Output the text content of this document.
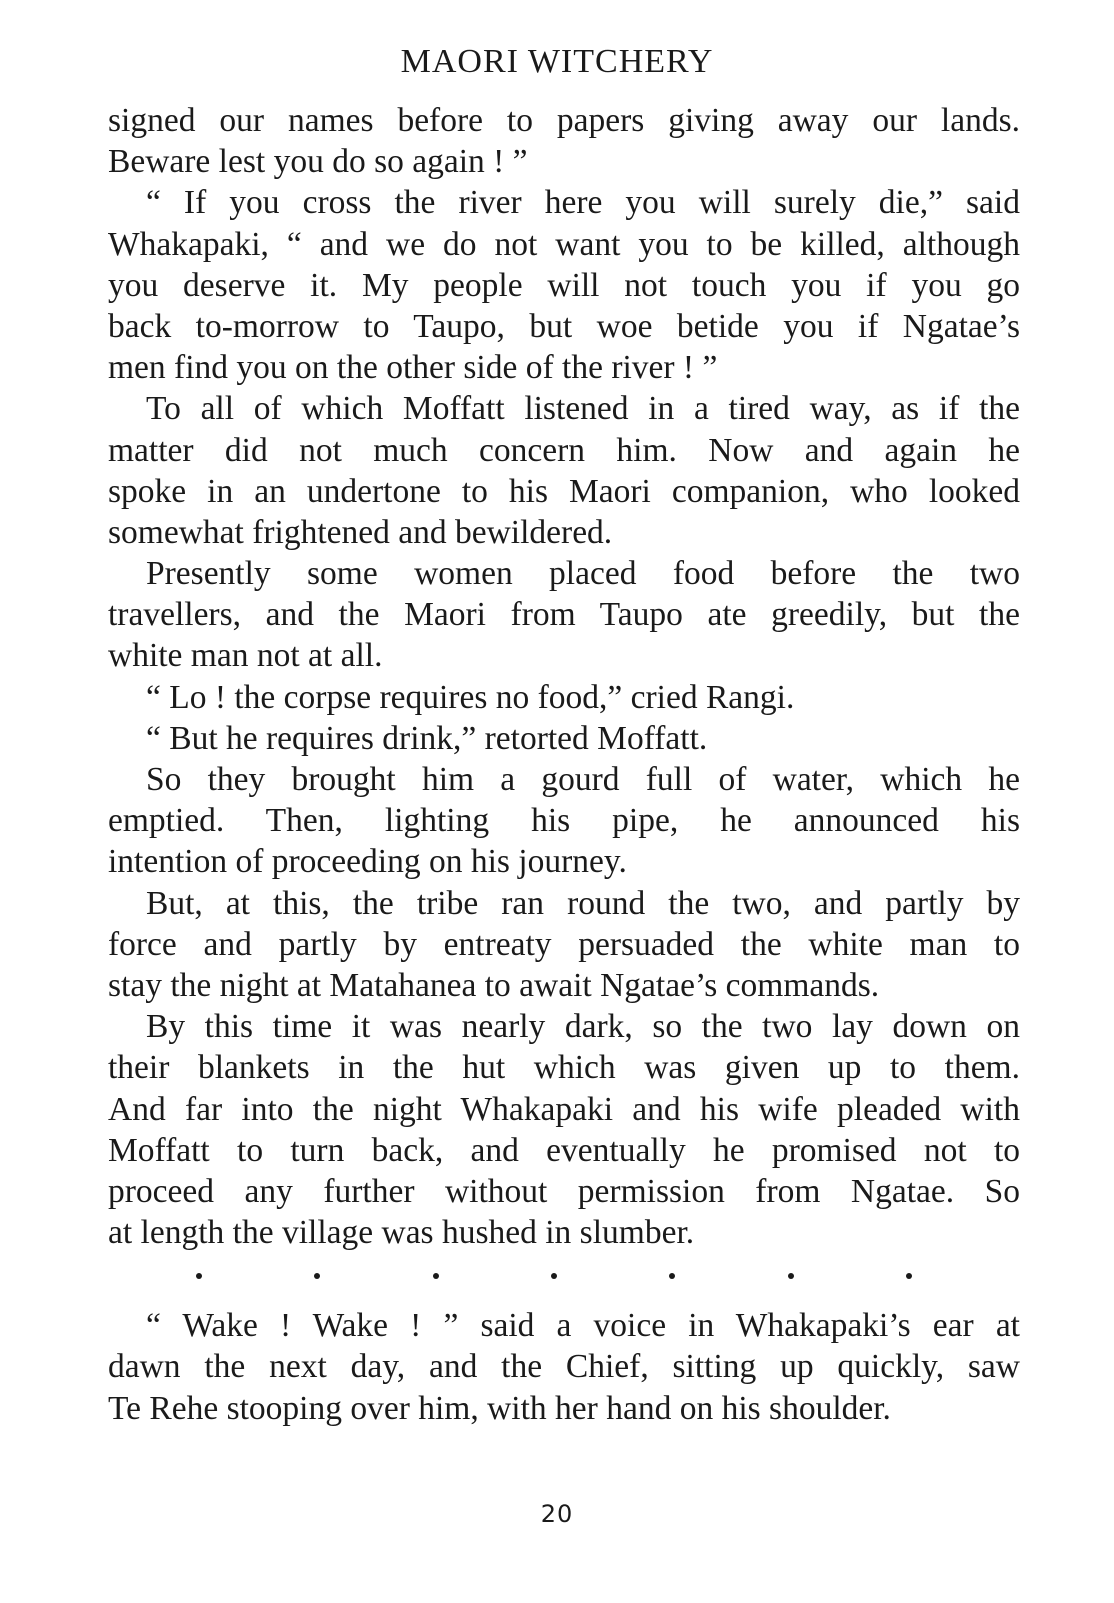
MAORI WITCHERY
signed our names before to papers giving away our lands.
Beware lest you do so again ! ”
“ If you cross the river here you will surely die,” said
Whakapaki, “ and we do not want you to be killed, although
you deserve it. My people will not touch you if you go
back to-morrow to Taupo, but woe betide you if Ngatae’s
men find you on the other side of the river ! ”
To all of which Moffatt listened in a tired way, as if the
matter did not much concern him. Now and again he
spoke in an undertone to his Maori companion, who looked
somewhat frightened and bewildered.
Presently some women placed food before the two
travellers, and the Maori from Taupo ate greedily, but the
white man not at all.
“ Lo ! the corpse requires no food,” cried Rangi.
“ But he requires drink,” retorted Moffatt.
So they brought him a gourd full of water, which he
emptied. Then, lighting his pipe, he announced his
intention of proceeding on his journey.
But, at this, the tribe ran round the two, and partly by
force and partly by entreaty persuaded the white man to
stay the night at Matahanea to await Ngatae’s commands.
By this time it was nearly dark, so the two lay down on
their blankets in the hut which was given up to them.
And far into the night Whakapaki and his wife pleaded with
Moffatt to turn back, and eventually he promised not to
proceed any further without permission from Ngatae. So
at length the village was hushed in slumber.
“ Wake ! Wake ! ” said a voice in Whakapaki’s ear at
dawn the next day, and the Chief, sitting up quickly, saw
Te Rehe stooping over him, with her hand on his shoulder.
20
